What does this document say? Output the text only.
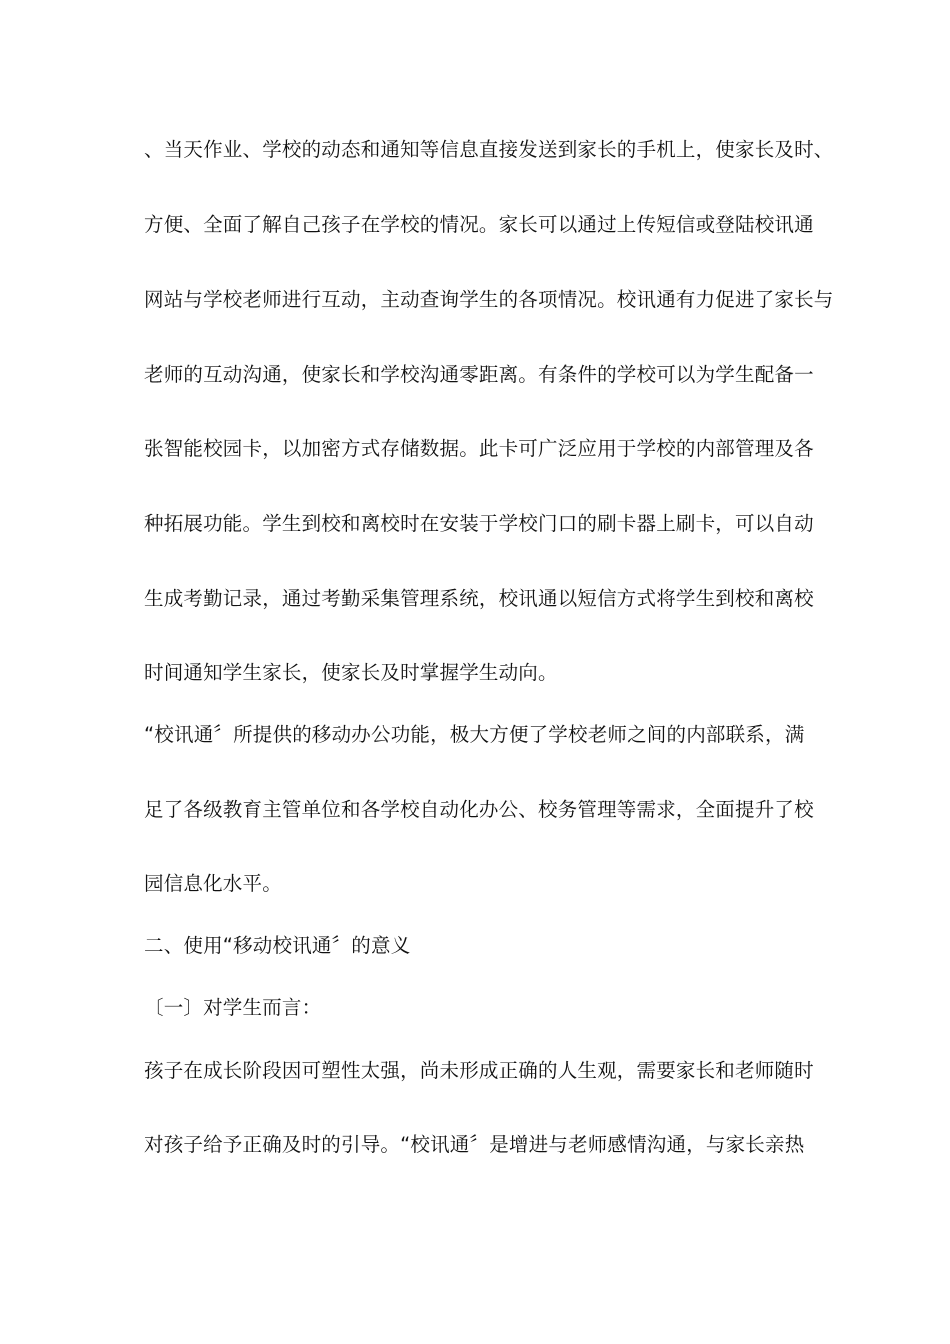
、当天作业、学校的动态和通知等信息直接发送到家长的手机上，使家长及时、
方便、全面了解自己孩子在学校的情况。家长可以通过上传短信或登陆校讯通
网站与学校老师进行互动，主动查询学生的各项情况。校讯通有力促进了家长与
老师的互动沟通，使家长和学校沟通零距离。有条件的学校可以为学生配备一
张智能校园卡，以加密方式存储数据。此卡可广泛应用于学校的内部管理及各
种拓展功能。学生到校和离校时在安装于学校门口的刷卡器上刷卡，可以自动
生成考勤记录，通过考勤采集管理系统，校讯通以短信方式将学生到校和离校
时间通知学生家长，使家长及时掌握学生动向。
“校讯通〞所提供的移动办公功能，极大方便了学校老师之间的内部联系，满
足了各级教育主管单位和各学校自动化办公、校务管理等需求，全面提升了校
园信息化水平。
二、使用“移动校讯通〞的意义
〔一〕对学生而言：
孩子在成长阶段因可塑性太强，尚未形成正确的人生观，需要家长和老师随时
对孩子给予正确及时的引导。“校讯通〞是增进与老师感情沟通，与家长亲热
